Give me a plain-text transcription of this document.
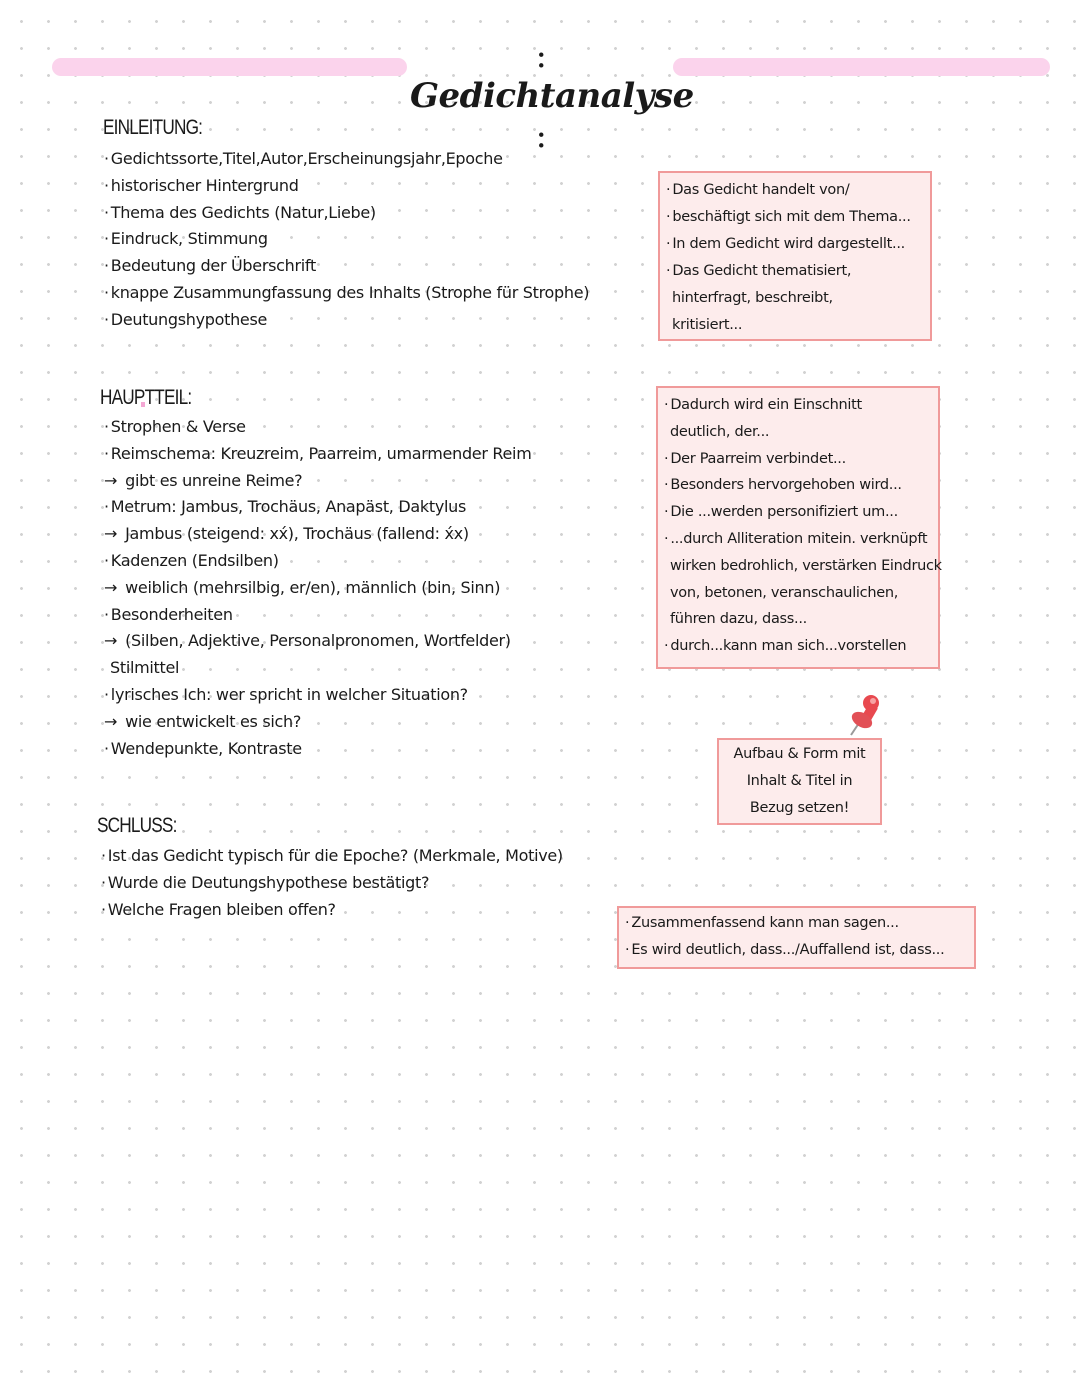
: Gedichtanalyse :
EINLEITUNG:
· Gedichtssorte,Titel,Autor,Erscheinungsjahr,Epoche
· historischer Hintergrund
· Thema des Gedichts (Natur,Liebe)
· Eindruck, Stimmung
· Bedeutung der Überschrift
· knappe Zusammungfassung des Inhalts (Strophe für Strophe)
· Deutungshypothese
HAUPTTEIL:
· Strophen & Verse
· Reimschema: Kreuzreim, Paarreim, umarmender Reim
→ gibt es unreine Reime?
· Metrum: Jambus, Trochäus, Anapäst, Daktylus
→ Jambus (steigend: xx́), Trochäus (fallend: x́x)
· Kadenzen (Endsilben)
→ weiblich (mehrsilbig, er/en), männlich (bin, Sinn)
· Besonderheiten
→ (Silben, Adjektive, Personalpronomen, Wortfelder)
Stilmittel
· lyrisches Ich: wer spricht in welcher Situation?
→ wie entwickelt es sich?
· Wendepunkte, Kontraste
SCHLUSS:
· Ist das Gedicht typisch für die Epoche? (Merkmale, Motive)
· Wurde die Deutungshypothese bestätigt?
· Welche Fragen bleiben offen?

· Das Gedicht handelt von/

· beschäftigt sich mit dem Thema...

· In dem Gedicht wird dargestellt...

· Das Gedicht thematisiert,

hinterfragt, beschreibt,

kritisiert...

· Dadurch wird ein Einschnitt

deutlich, der...

· Der Paarreim verbindet...

· Besonders hervorgehoben wird...

· Die ...werden personifiziert um...

· ...durch Alliteration mitein. verknüpft

wirken bedrohlich, verstärken Eindruck

von, betonen, veranschaulichen,

führen dazu, dass...

· durch...kann man sich...vorstellen

Aufbau & Form mit

Inhalt & Titel in

Bezug setzen!

· Zusammenfassend kann man sagen...

· Es wird deutlich, dass.../Auffallend ist, dass...
